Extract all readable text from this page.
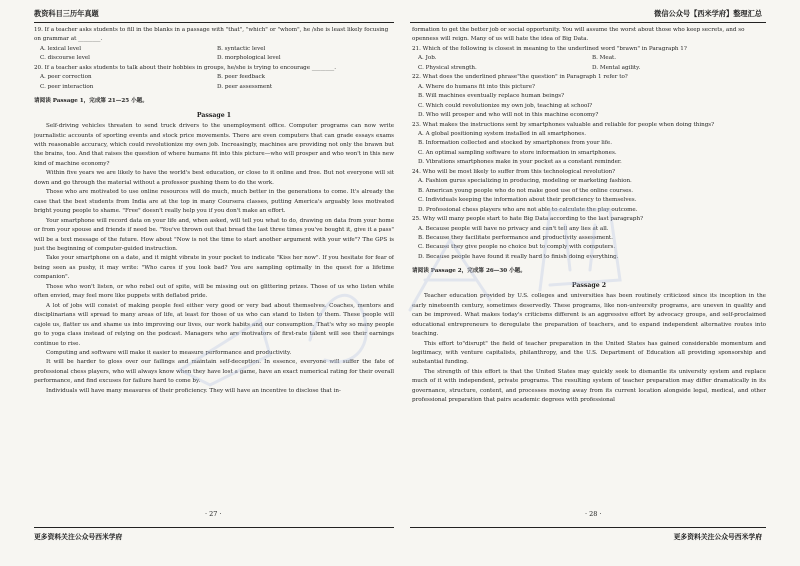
教资科目三历年真题	微信公众号【西米学府】整理汇总

19. If a teacher asks students to fill in the blanks in a passage with "that", "which" or "whom", he /she is least likely focusing on grammar at ________.

A. lexical level	B. syntactic level
C. discourse level	D. morphological level

20. If a teacher asks students to talk about their hobbies in groups, he/she is trying to encourage ________.

A. peer correction	B. peer feedback
C. peer interaction	D. peer assessment

请阅读 Passage 1，完成第 21—25 小题。

Passage 1

Self-driving vehicles threaten to send truck drivers to the unemployment office. Computer programs can now write journalistic accounts of sporting events and stock price movements. There are even computers that can grade essays exams with reasonable accuracy, which could revolutionize my own job. Increasingly, machines are providing not only the brawn but the brains, too. And that raises the question of where humans fit into this picture—who will prosper and who won't in this new kind of machine economy?

Within five years we are likely to have the world's best education, or close to it online and free. But not everyone will sit down and go through the material without a professor pushing them to do the work.

Those who are motivated to use online resources will do much, much better in the generations to come. It's already the case that the best students from India are at the top in many Coursera classes, putting America's arguably less motivated bright young people to shame. "Free" doesn't really help you if you don't make an effort.

Your smartphone will record data on your life and, when asked, will tell you what to do, drawing on data from your home or from your spouse and friends if need be. "You've thrown out that bread the last three times you've bought it, give it a pass" will be a text message of the future. How about "Now is not the time to start another argument with your wife"? The GPS is just the beginning of computer-guided instruction.

Take your smartphone on a date, and it might vibrate in your pocket to indicate "Kiss her now". If you hesitate for fear of being seen as pushy, it may write: "Who cares if you look bad? You are sampling optimally in the quest for a lifetime companion".

Those who won't listen, or who rebel out of spite, will be missing out on glittering prizes. Those of us who listen while often envied, may feel more like puppets with deflated pride.

A lot of jobs will consist of making people feel either very good or very bad about themselves. Coaches, mentors and disciplinarians will spread to many areas of life, at least for those of us who can stand to listen to them. These people will cajole us, flatter us and shame us into improving our lives, our work habits and our consumption. That's why so many people go to yoga class instead of relying on the podcast. Managers who are motivators of first-rate talent will see their earnings continue to rise.

Computing and software will make it easier to measure performance and productivity.

It will be harder to gloss over our failings and maintain self-deception. In essence, everyone will suffer the fate of professional chess players, who will always know when they have lost a game, have an exact numerical rating for their overall performance, and find excuses for failure hard to come by.

Individuals will have many measures of their proficiency. They will have an incentive to disclose that in-

formation to get the better job or social opportunity. You will assume the worst about those who keep secrets, and so openness will reign. Many of us will hate the idea of Big Data.

21. Which of the following is closest in meaning to the underlined word "brawn" in Paragraph 1?

A. Job.	B. Meat.
C. Physical strength.	D. Mental agility.

22. What does the underlined phrase"the question" in Paragraph 1 refer to?

A. Where do humans fit into this picture?
B. Will machines eventually replace human beings?
C. Which could revolutionize my own job, teaching at school?
D. Who will prosper and who will not in this machine economy?

23. What makes the instructions sent by smartphones valuable and reliable for people when doing things?

A. A global positioning system installed in all smartphones.
B. Information collected and stocked by smartphones from your life.
C. An optimal sampling software to store information in smartphones.
D. Vibrations smartphones make in your pocket as a constant reminder.

24. Who will be most likely to suffer from this technological revolution?

A. Fashion gurus specializing in producing, modeling or marketing fashion.
B. American young people who do not make good use of the online courses.
C. Individuals keeping the information about their proficiency to themselves.
D. Professional chess players who are not able to calculate the play outcome.

25. Why will many people start to hate Big Data according to the last paragraph?

A. Because people will have no privacy and can't tell any lies at all.
B. Because they facilitate performance and productivity assessment.
C. Because they give people no choice but to comply with computers.
D. Because people have found it really hard to finish doing everything.

请阅读 Passage 2，完成第 26—30 小题。

Passage 2

Teacher education provided by U.S. colleges and universities has been routinely criticized since its inception in the early nineteenth century, sometimes deservedly. These programs, like non-university programs, are uneven in quality and can be improved. What makes today's criticisms different is an aggressive effort by advocacy groups, and self-proclaimed educational entrepreneurs to deregulate the preparation of teachers, and to expand independent alternative routes into teaching.

This effort to"disrupt" the field of teacher preparation in the United States has gained considerable momentum and legitimacy, with venture capitalists, philanthropy, and the U.S. Department of Education all providing sponsorship and substantial funding.

The strength of this effort is that the United States may quickly seek to dismantle its university system and replace much of it with independent, private programs. The resulting system of teacher preparation may differ dramatically in its governance, structure, content, and processes moving away from its current location alongside legal, medical, and other professional preparation that pairs academic degrees with professional

· 27 ·	· 28 ·
更多资料关注公众号西米学府	更多资料关注公众号西米学府
